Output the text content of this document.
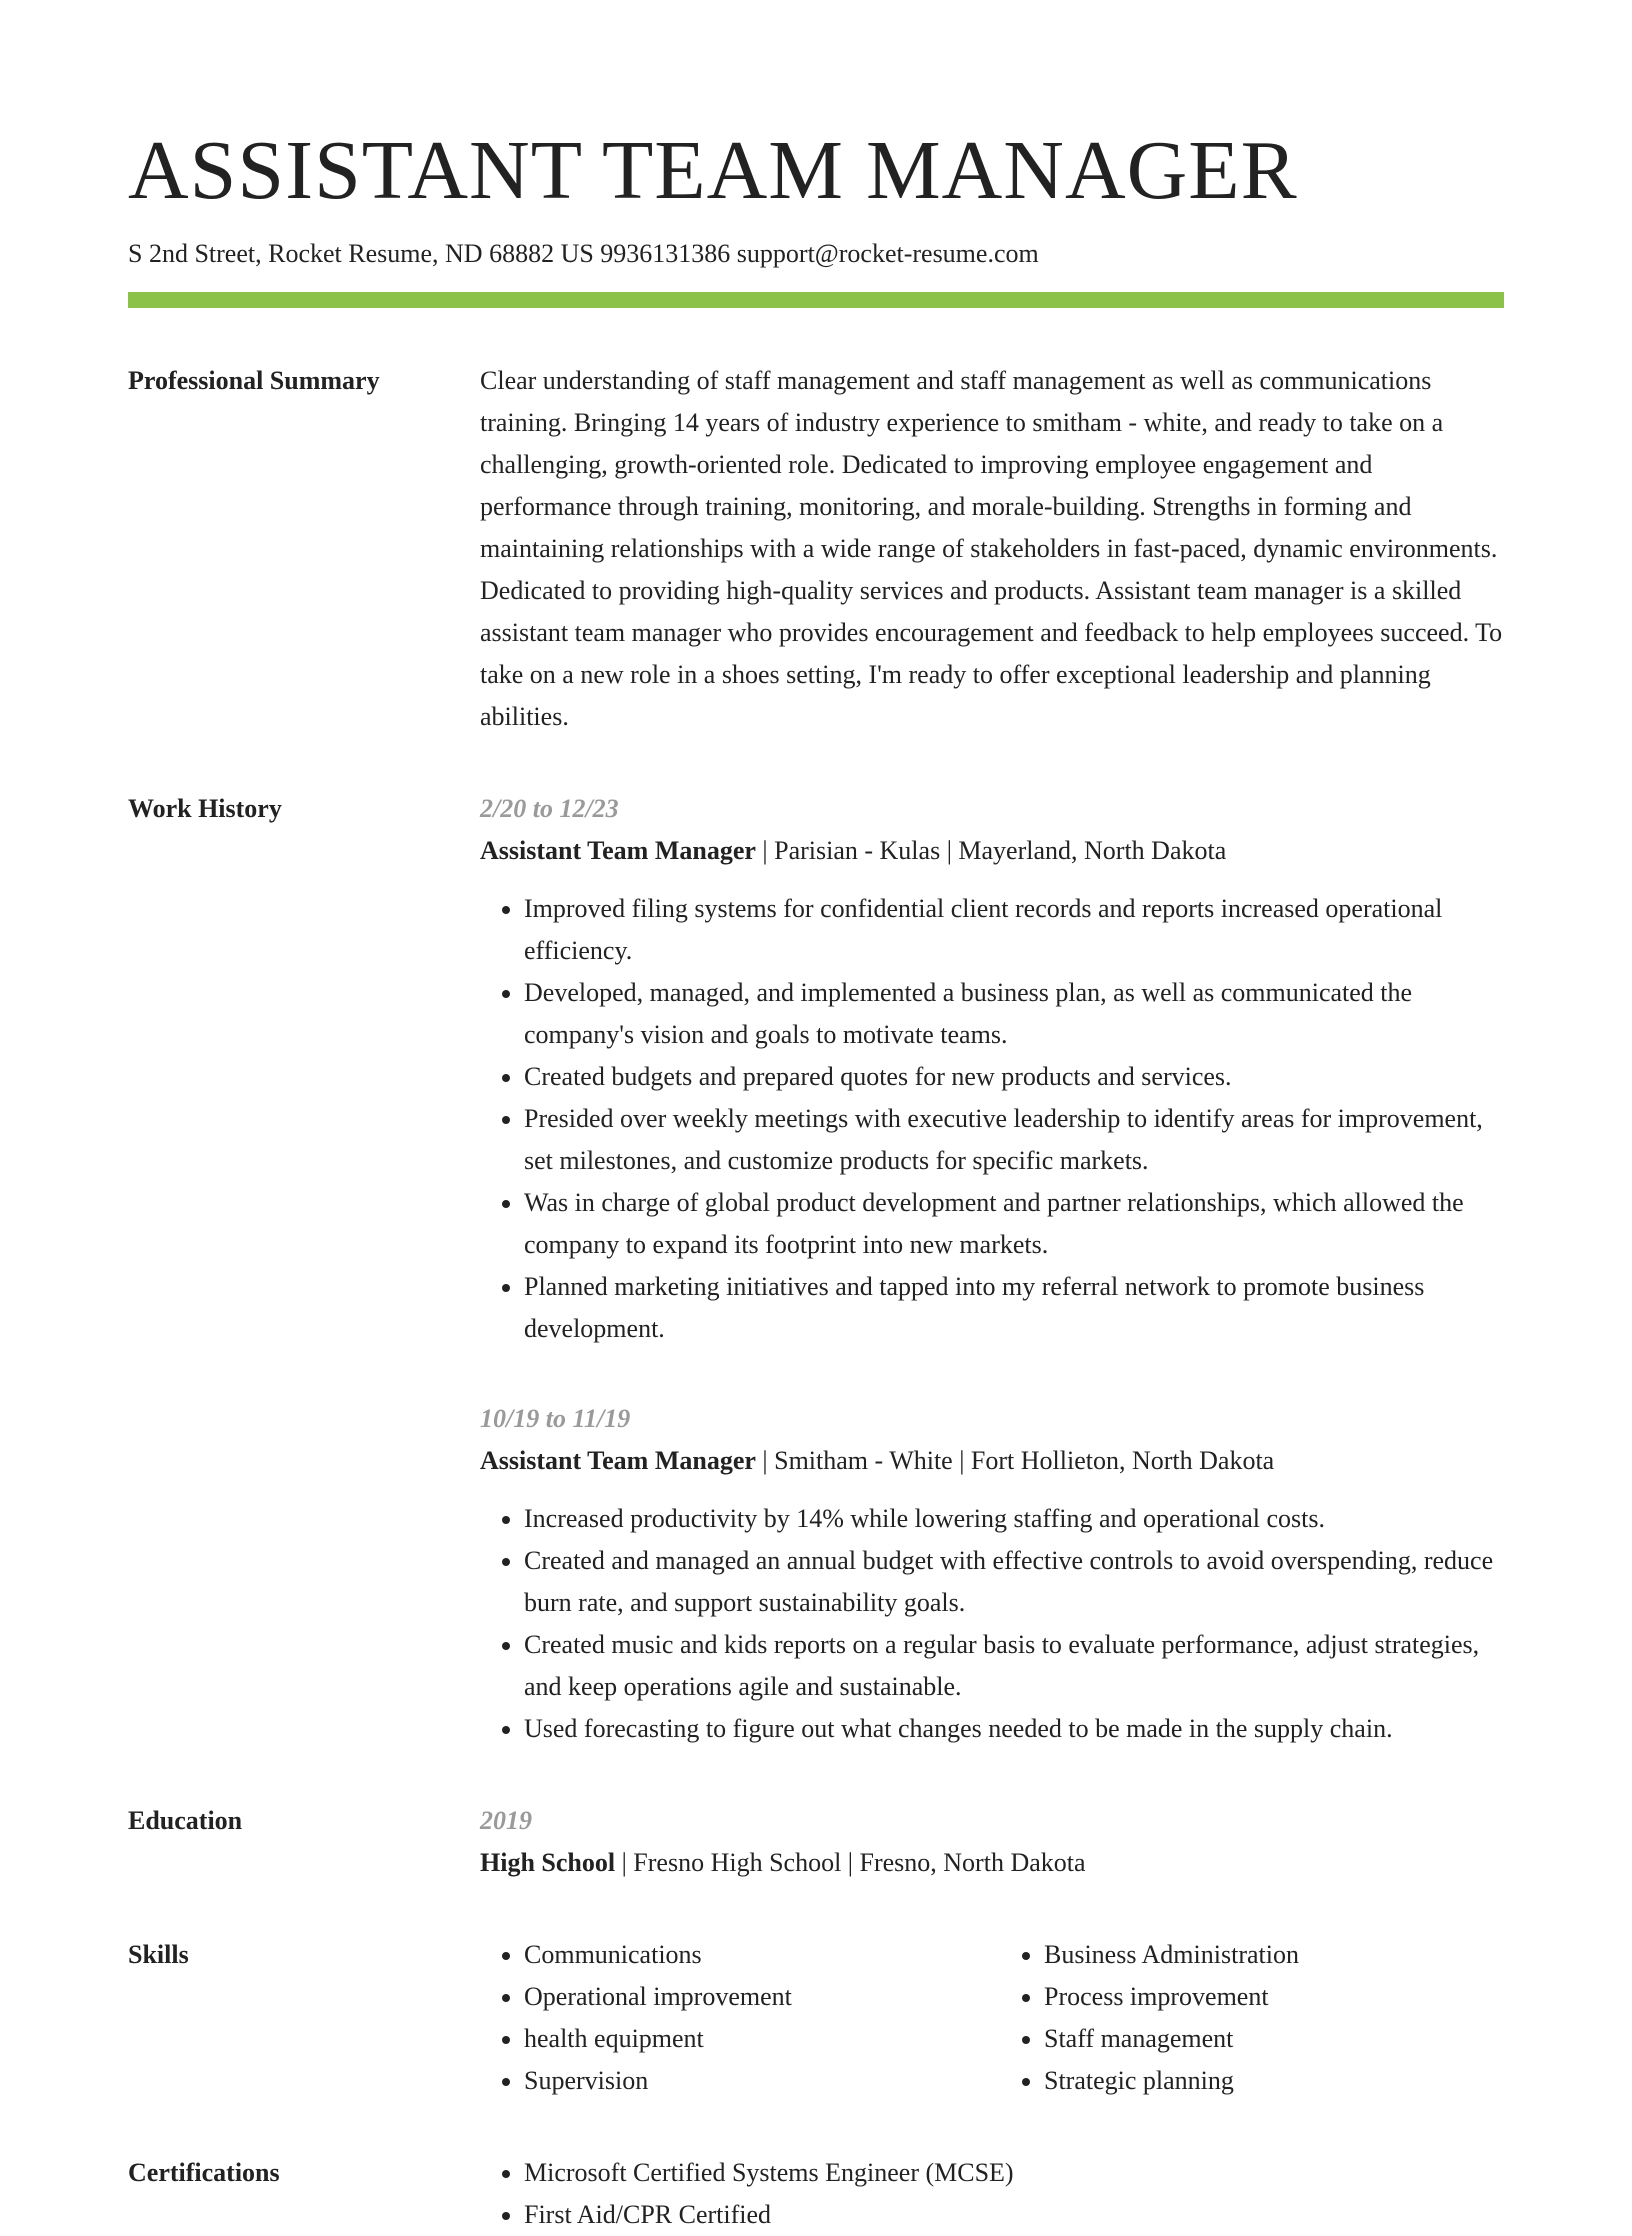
ASSISTANT TEAM MANAGER
S 2nd Street, Rocket Resume, ND 68882 US 9936131386 support@rocket-resume.com
Professional Summary	Clear understanding of staff management and staff management as well as communications training. Bringing 14 years of industry experience to smitham - white, and ready to take on a challenging, growth-oriented role. Dedicated to improving employee engagement and performance through training, monitoring, and morale-building. Strengths in forming and maintaining relationships with a wide range of stakeholders in fast-paced, dynamic environments. Dedicated to providing high-quality services and products. Assistant team manager is a skilled assistant team manager who provides encouragement and feedback to help employees succeed. To take on a new role in a shoes setting, I'm ready to offer exceptional leadership and planning abilities.

Work History	2/20 to 12/23
Assistant Team Manager | Parisian - Kulas | Mayerland, North Dakota
• Improved filing systems for confidential client records and reports increased operational efficiency.
• Developed, managed, and implemented a business plan, as well as communicated the company's vision and goals to motivate teams.
• Created budgets and prepared quotes for new products and services.
• Presided over weekly meetings with executive leadership to identify areas for improvement, set milestones, and customize products for specific markets.
• Was in charge of global product development and partner relationships, which allowed the company to expand its footprint into new markets.
• Planned marketing initiatives and tapped into my referral network to promote business development.
10/19 to 11/19
Assistant Team Manager | Smitham - White | Fort Hollieton, North Dakota
• Increased productivity by 14% while lowering staffing and operational costs.
• Created and managed an annual budget with effective controls to avoid overspending, reduce burn rate, and support sustainability goals.
• Created music and kids reports on a regular basis to evaluate performance, adjust strategies, and keep operations agile and sustainable.
• Used forecasting to figure out what changes needed to be made in the supply chain.
Education	2019
High School | Fresno High School | Fresno, North Dakota
Skills	• Communications
• Operational improvement
• health equipment
• Supervision
• Business Administration
• Process improvement
• Staff management
• Strategic planning
Certifications	• Microsoft Certified Systems Engineer (MCSE)
• First Aid/CPR Certified
